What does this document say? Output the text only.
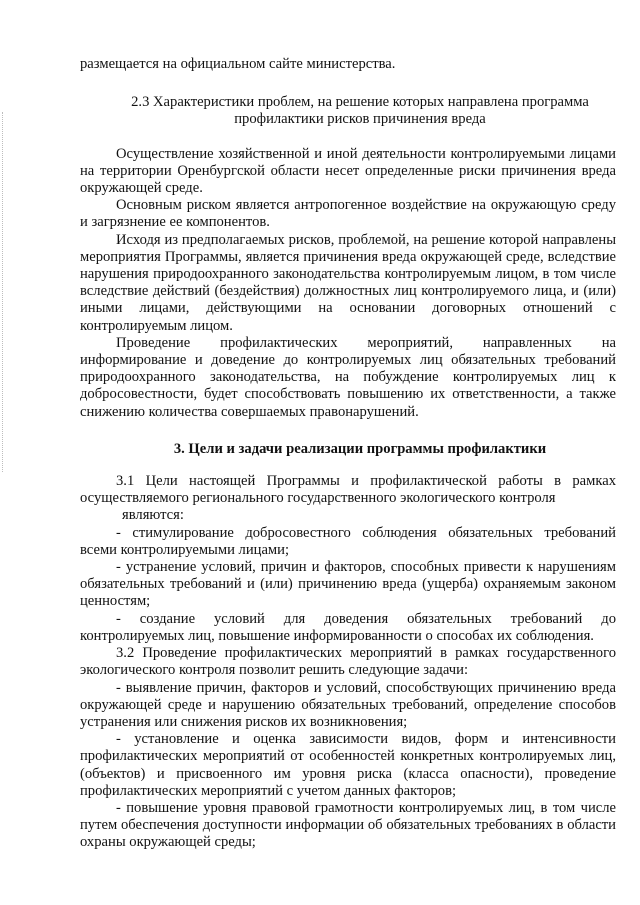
размещается на официальном сайте министерства.

2.3 Характеристики проблем, на решение которых направлена программа профилактики рисков причинения вреда

Осуществление хозяйственной и иной деятельности контролируемыми лицами на территории Оренбургской области несет определенные риски причинения вреда окружающей среде.

Основным риском является антропогенное воздействие на окружающую среду и загрязнение ее компонентов.

Исходя из предполагаемых рисков, проблемой, на решение которой направлены мероприятия Программы, является причинения вреда окружающей среде, вследствие нарушения природоохранного законодательства контролируемым лицом, в том числе вследствие действий (бездействия) должностных лиц контролируемого лица, и (или) иными лицами, действующими на основании договорных отношений с контролируемым лицом.

Проведение профилактических мероприятий, направленных на информирование и доведение до контролируемых лиц обязательных требований природоохранного законодательства, на побуждение контролируемых лиц к добросовестности, будет способствовать повышению их ответственности, а также снижению количества совершаемых правонарушений.

3. Цели и задачи реализации программы профилактики

3.1 Цели настоящей Программы и профилактической работы в рамках осуществляемого регионального государственного экологического контроля

являются:

- стимулирование добросовестного соблюдения обязательных требований всеми контролируемыми лицами;

- устранение условий, причин и факторов, способных привести к нарушениям обязательных требований и (или) причинению вреда (ущерба) охраняемым законом ценностям;

- создание условий для доведения обязательных требований до контролируемых лиц, повышение информированности о способах их соблюдения.

3.2 Проведение профилактических мероприятий в рамках государственного экологического контроля позволит решить следующие задачи:

- выявление причин, факторов и условий, способствующих причинению вреда окружающей среде и нарушению обязательных требований, определение способов устранения или снижения рисков их возникновения;

- установление и оценка зависимости видов, форм и интенсивности профилактических мероприятий от особенностей конкретных контролируемых лиц, (объектов) и присвоенного им уровня риска (класса опасности), проведение профилактических мероприятий с учетом данных факторов;

- повышение уровня правовой грамотности контролируемых лиц, в том числе путем обеспечения доступности информации об обязательных требованиях в области охраны окружающей среды;
